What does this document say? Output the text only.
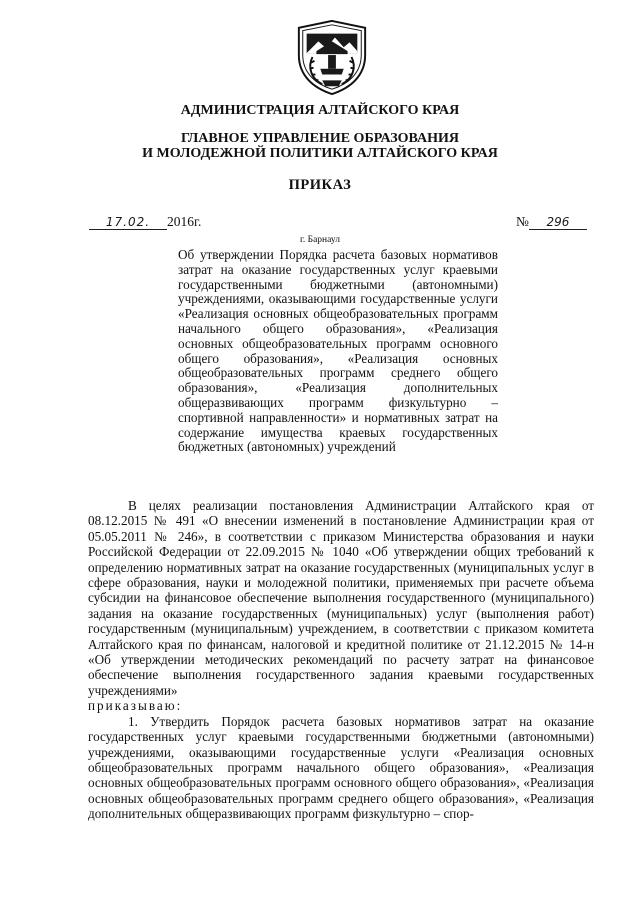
АДМИНИСТРАЦИЯ АЛТАЙСКОГО КРАЯ
ГЛАВНОЕ УПРАВЛЕНИЕ ОБРАЗОВАНИЯ
И МОЛОДЕЖНОЙ ПОЛИТИКИ АЛТАЙСКОГО КРАЯ
ПРИКАЗ
17.02. 2016г.	№ 296
г. Барнаул
Об утверждении Порядка расчета базовых нормативов затрат на оказание государственных услуг краевыми государственными бюджетными (автономными) учреждениями, оказывающими государственные услуги «Реализация основных общеобразовательных программ начального общего образования», «Реализация основных общеобразовательных программ основного общего образования», «Реализация основных общеобразовательных программ среднего общего образования», «Реализация дополнительных общеразвивающих программ физкультурно – спортивной направленности» и нормативных затрат на содержание имущества краевых государственных бюджетных (автономных) учреждений

В целях реализации постановления Администрации Алтайского края от 08.12.2015 № 491 «О внесении изменений в постановление Администрации края от 05.05.2011 № 246», в соответствии с приказом Министерства образования и науки Российской Федерации от 22.09.2015 № 1040 «Об утверждении общих требований к определению нормативных затрат на оказание государственных (муниципальных услуг в сфере образования, науки и молодежной политики, применяемых при расчете объема субсидии на финансовое обеспечение выполнения государственного (муниципального) задания на оказание государственных (муниципальных) услуг (выполнения работ) государственным (муниципальным) учреждением, в соответствии с приказом комитета Алтайского края по финансам, налоговой и кредитной политике от 21.12.2015 № 14-н «Об утверждении методических рекомендаций по расчету затрат на финансовое обеспечение выполнения государственного задания краевыми государственных учреждениями»

приказываю:

1. Утвердить Порядок расчета базовых нормативов затрат на оказание государственных услуг краевыми государственными бюджетными (автономными) учреждениями, оказывающими государственные услуги «Реализация основных общеобразовательных программ начального общего образования», «Реализация основных общеобразовательных программ основного общего образования», «Реализация основных общеобразовательных программ среднего общего образования», «Реализация дополнительных общеразвивающих программ физкультурно – спор-
